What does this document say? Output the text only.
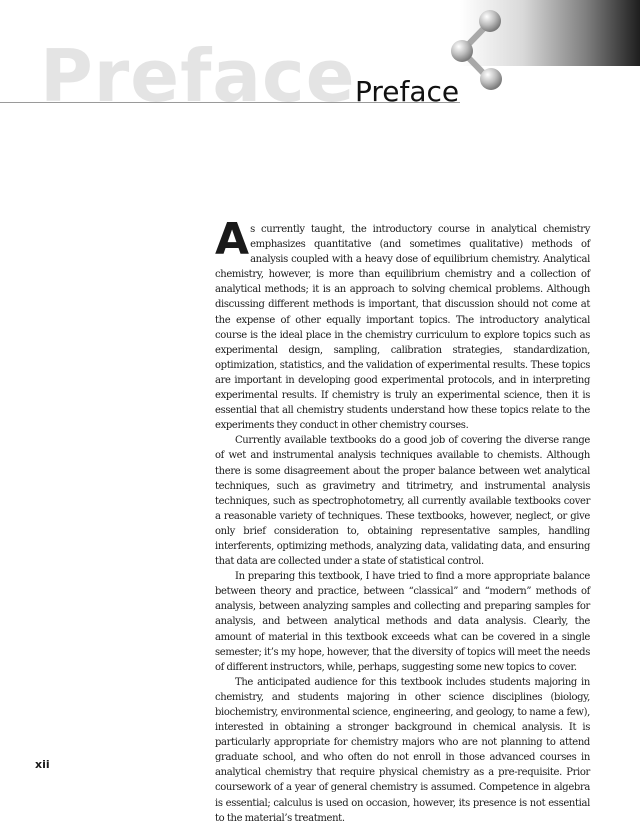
Preface Preface

As currently taught, the introductory course in analytical chemistry emphasizes quantitative (and sometimes qualitative) methods of analysis coupled with a heavy dose of equilibrium chemistry. Analytical chemistry, however, is more than equilibrium chemistry and a collection of analytical methods; it is an approach to solving chemical problems. Although discussing different methods is important, that discussion should not come at the expense of other equally important topics. The introductory analytical course is the ideal place in the chemistry curriculum to explore topics such as experimental design, sampling, calibration strategies, standardization, optimization, statistics, and the validation of experimental results. These topics are important in developing good experimental protocols, and in interpreting experimental results. If chemistry is truly an experimental science, then it is essential that all chemistry students understand how these topics relate to the experiments they conduct in other chemistry courses.

Currently available textbooks do a good job of covering the diverse range of wet and instrumental analysis techniques available to chemists. Although there is some disagreement about the proper balance between wet analytical techniques, such as gravimetry and titrimetry, and instrumental analysis techniques, such as spectrophotometry, all currently available textbooks cover a reasonable variety of techniques. These textbooks, however, neglect, or give only brief consideration to, obtaining representative samples, handling interferents, optimizing methods, analyzing data, validating data, and ensuring that data are collected under a state of statistical control.

In preparing this textbook, I have tried to find a more appropriate balance between theory and practice, between “classical” and “modern” methods of analysis, between analyzing samples and collecting and preparing samples for analysis, and between analytical methods and data analysis. Clearly, the amount of material in this textbook exceeds what can be covered in a single semester; it’s my hope, however, that the diversity of topics will meet the needs of different instructors, while, perhaps, suggesting some new topics to cover.

The anticipated audience for this textbook includes students majoring in chemistry, and students majoring in other science disciplines (biology, biochemistry, environmental science, engineering, and geology, to name a few), interested in obtaining a stronger background in chemical analysis. It is particularly appropriate for chemistry majors who are not planning to attend graduate school, and who often do not enroll in those advanced courses in analytical chemistry that require physical chemistry as a pre-requisite. Prior coursework of a year of general chemistry is assumed. Competence in algebra is essential; calculus is used on occasion, however, its presence is not essential to the material’s treatment.

xii
